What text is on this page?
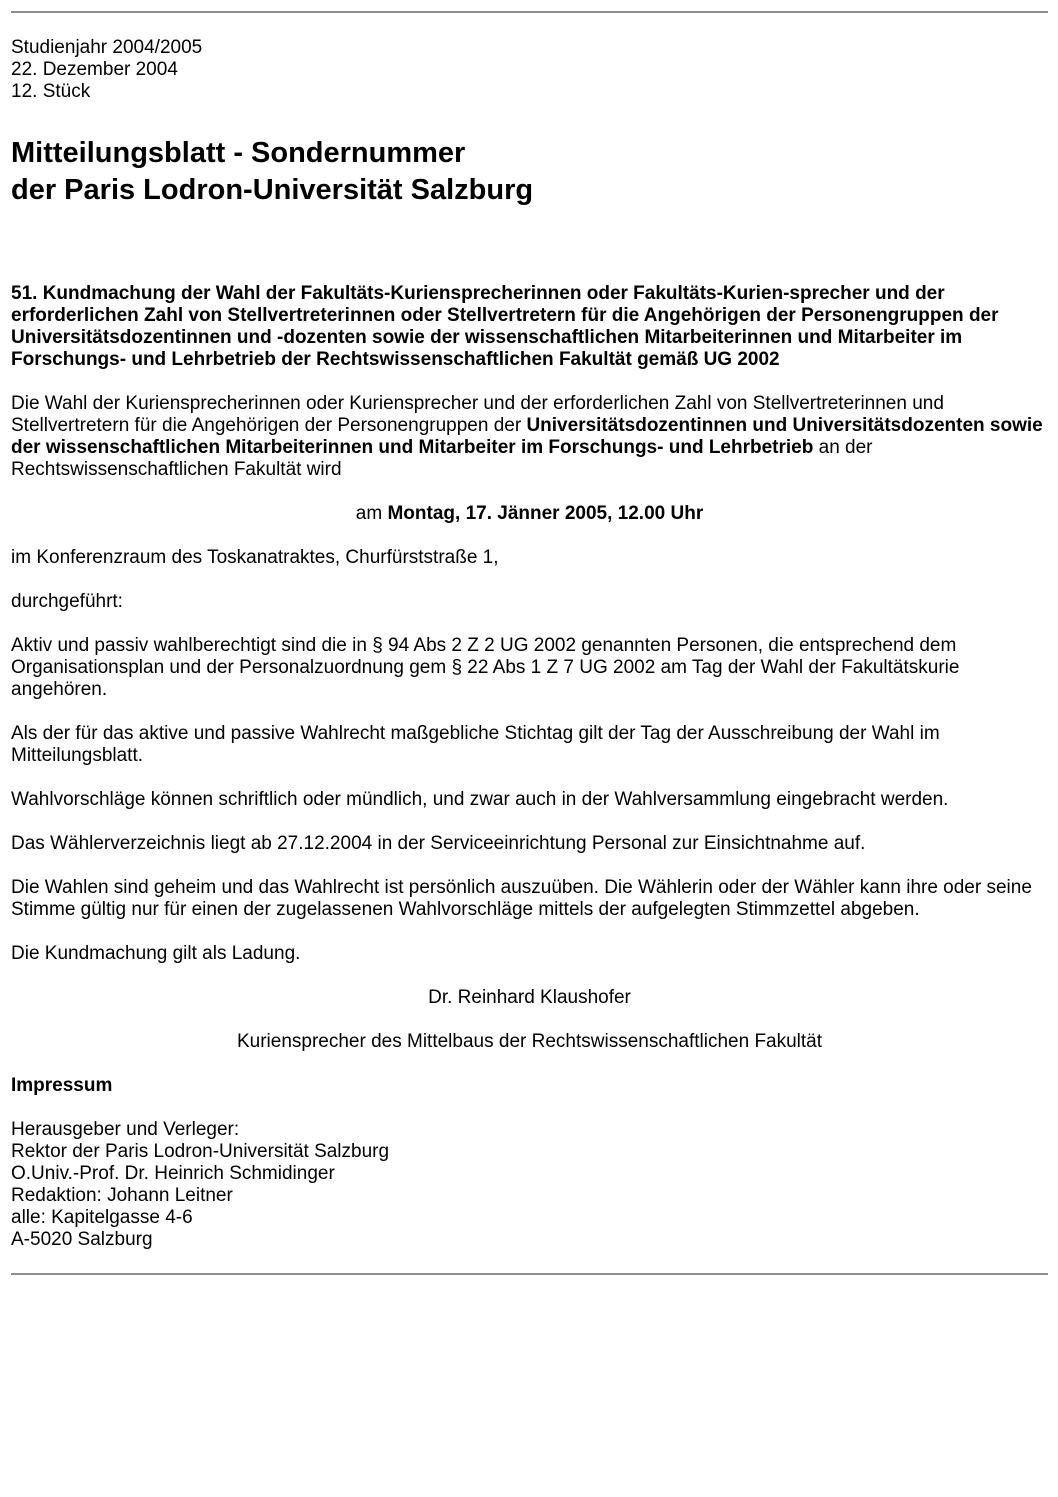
Studienjahr 2004/2005
22. Dezember 2004
12. Stück
Mitteilungsblatt - Sondernummer
der Paris Lodron-Universität Salzburg

51. Kundmachung der Wahl der Fakultäts-Kuriensprecherinnen oder Fakultäts-Kurien-sprecher und der erforderlichen Zahl von Stellvertreterinnen oder Stellvertretern für die Angehörigen der Personengruppen der Universitätsdozentinnen und -dozenten sowie der wissenschaftlichen Mitarbeiterinnen und Mitarbeiter im Forschungs- und Lehrbetrieb der Rechtswissenschaftlichen Fakultät gemäß UG 2002

Die Wahl der Kuriensprecherinnen oder Kuriensprecher und der erforderlichen Zahl von Stellvertreterinnen und Stellvertretern für die Angehörigen der Personengruppen der Universitätsdozentinnen und Universitätsdozenten sowie der wissenschaftlichen Mitarbeiterinnen und Mitarbeiter im Forschungs- und Lehrbetrieb an der Rechtswissenschaftlichen Fakultät wird

am Montag, 17. Jänner 2005, 12.00 Uhr

im Konferenzraum des Toskanatraktes, Churfürststraße 1,

durchgeführt:

Aktiv und passiv wahlberechtigt sind die in § 94 Abs 2 Z 2 UG 2002 genannten Personen, die entsprechend dem Organisationsplan und der Personalzuordnung gem § 22 Abs 1 Z 7 UG 2002 am Tag der Wahl der Fakultätskurie angehören.

Als der für das aktive und passive Wahlrecht maßgebliche Stichtag gilt der Tag der Ausschreibung der Wahl im Mitteilungsblatt.

Wahlvorschläge können schriftlich oder mündlich, und zwar auch in der Wahlversammlung eingebracht werden.

Das Wählerverzeichnis liegt ab 27.12.2004 in der Serviceeinrichtung Personal zur Einsichtnahme auf.

Die Wahlen sind geheim und das Wahlrecht ist persönlich auszuüben. Die Wählerin oder der Wähler kann ihre oder seine Stimme gültig nur für einen der zugelassenen Wahlvorschläge mittels der aufgelegten Stimmzettel abgeben.

Die Kundmachung gilt als Ladung.

Dr. Reinhard Klaushofer

Kuriensprecher des Mittelbaus der Rechtswissenschaftlichen Fakultät

Impressum

Herausgeber und Verleger:
Rektor der Paris Lodron-Universität Salzburg
O.Univ.-Prof. Dr. Heinrich Schmidinger
Redaktion: Johann Leitner
alle: Kapitelgasse 4-6
A-5020 Salzburg
